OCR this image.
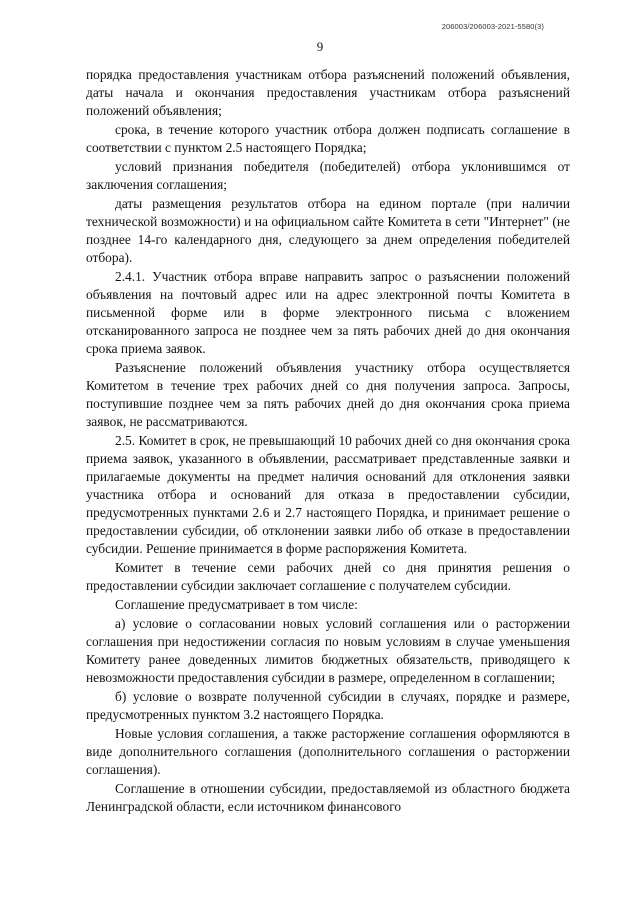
206003/206003-2021-5580(3)
9

порядка предоставления участникам отбора разъяснений положений объявления, даты начала и окончания предоставления участникам отбора разъяснений положений объявления;

срока, в течение которого участник отбора должен подписать соглашение в соответствии с пунктом 2.5 настоящего Порядка;

условий признания победителя (победителей) отбора уклонившимся от заключения соглашения;

даты размещения результатов отбора на едином портале (при наличии технической возможности) и на официальном сайте Комитета в сети "Интернет" (не позднее 14-го календарного дня, следующего за днем определения победителей отбора).

2.4.1. Участник отбора вправе направить запрос о разъяснении положений объявления на почтовый адрес или на адрес электронной почты Комитета в письменной форме или в форме электронного письма с вложением отсканированного запроса не позднее чем за пять рабочих дней до дня окончания срока приема заявок.

Разъяснение положений объявления участнику отбора осуществляется Комитетом в течение трех рабочих дней со дня получения запроса. Запросы, поступившие позднее чем за пять рабочих дней до дня окончания срока приема заявок, не рассматриваются.

2.5. Комитет в срок, не превышающий 10 рабочих дней со дня окончания срока приема заявок, указанного в объявлении, рассматривает представленные заявки и прилагаемые документы на предмет наличия оснований для отклонения заявки участника отбора и оснований для отказа в предоставлении субсидии, предусмотренных пунктами 2.6 и 2.7 настоящего Порядка, и принимает решение о предоставлении субсидии, об отклонении заявки либо об отказе в предоставлении субсидии. Решение принимается в форме распоряжения Комитета.

Комитет в течение семи рабочих дней со дня принятия решения о предоставлении субсидии заключает соглашение с получателем субсидии.

Соглашение предусматривает в том числе:

а) условие о согласовании новых условий соглашения или о расторжении соглашения при недостижении согласия по новым условиям в случае уменьшения Комитету ранее доведенных лимитов бюджетных обязательств, приводящего к невозможности предоставления субсидии в размере, определенном в соглашении;

б) условие о возврате полученной субсидии в случаях, порядке и размере, предусмотренных пунктом 3.2 настоящего Порядка.

Новые условия соглашения, а также расторжение соглашения оформляются в виде дополнительного соглашения (дополнительного соглашения о расторжении соглашения).

Соглашение в отношении субсидии, предоставляемой из областного бюджета Ленинградской области, если источником финансового
